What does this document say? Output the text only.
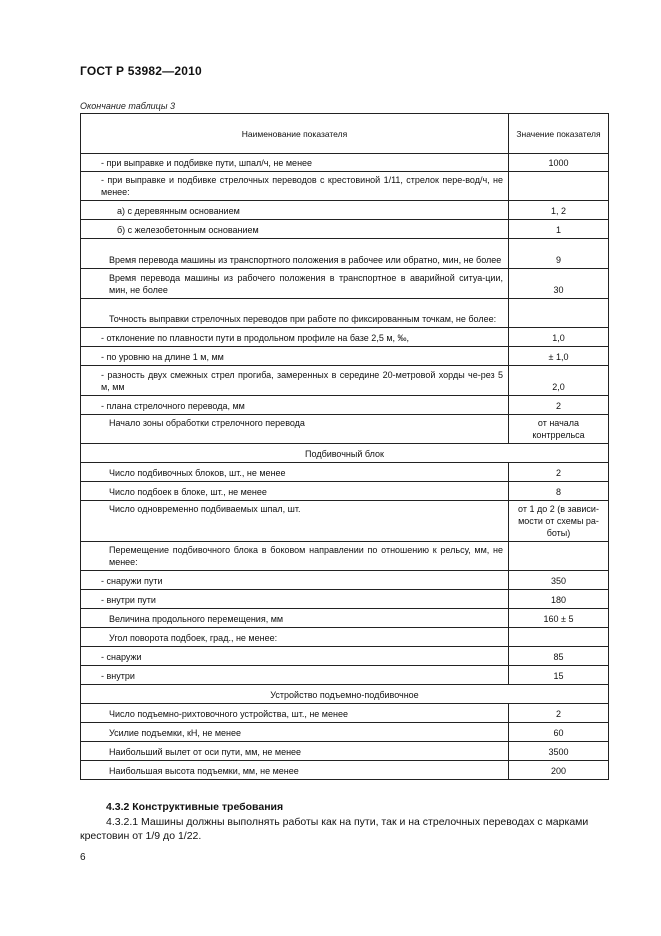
ГОСТ Р 53982—2010
Окончание таблицы 3
Наименование показателя	Значение показателя
- при выправке и подбивке пути, шпал/ч, не менее	1000
- при выправке и подбивке стрелочных переводов с крестовиной 1/11, стрелок пере-вод/ч, не менее:	
а) с деревянным основанием	1, 2
б) с железобетонным основанием	1
Время перевода машины из транспортного положения в рабочее или обратно, мин, не более	9
Время перевода машины из рабочего положения в транспортное в аварийной ситуа-ции, мин, не более	30
Точность выправки стрелочных переводов при работе по фиксированным точкам, не более:	
- отклонение по плавности пути в продольном профиле на базе 2,5 м, ‰,	1,0
- по уровню на длине 1 м, мм	± 1,0
- разность двух смежных стрел прогиба, замеренных в середине 20-метровой хорды че-рез 5 м, мм	2,0
- плана стрелочного перевода, мм	2
Начало зоны обработки стрелочного перевода	от начала контррельса
Подбивочный блок	
Число подбивочных блоков, шт., не менее	2
Число подбоек в блоке, шт., не менее	8
Число одновременно подбиваемых шпал, шт.	от 1 до 2 (в зависи-мости от схемы ра-боты)
Перемещение подбивочного блока в боковом направлении по отношению к рельсу, мм, не менее:	
- снаружи пути	350
- внутри пути	180
Величина продольного перемещения, мм	160 ± 5
Угол поворота подбоек, град., не менее:	
- снаружи	85
- внутри	15
Устройство подъемно-подбивочное	
Число подъемно-рихтовочного устройства, шт., не менее	2
Усилие подъемки, кН, не менее	60
Наибольший вылет от оси пути, мм, не менее	3500
Наибольшая высота подъемки, мм, не менее	200
4.3.2 Конструктивные требования
4.3.2.1 Машины должны выполнять работы как на пути, так и на стрелочных переводах с марками крестовин от 1/9 до 1/22.
6
